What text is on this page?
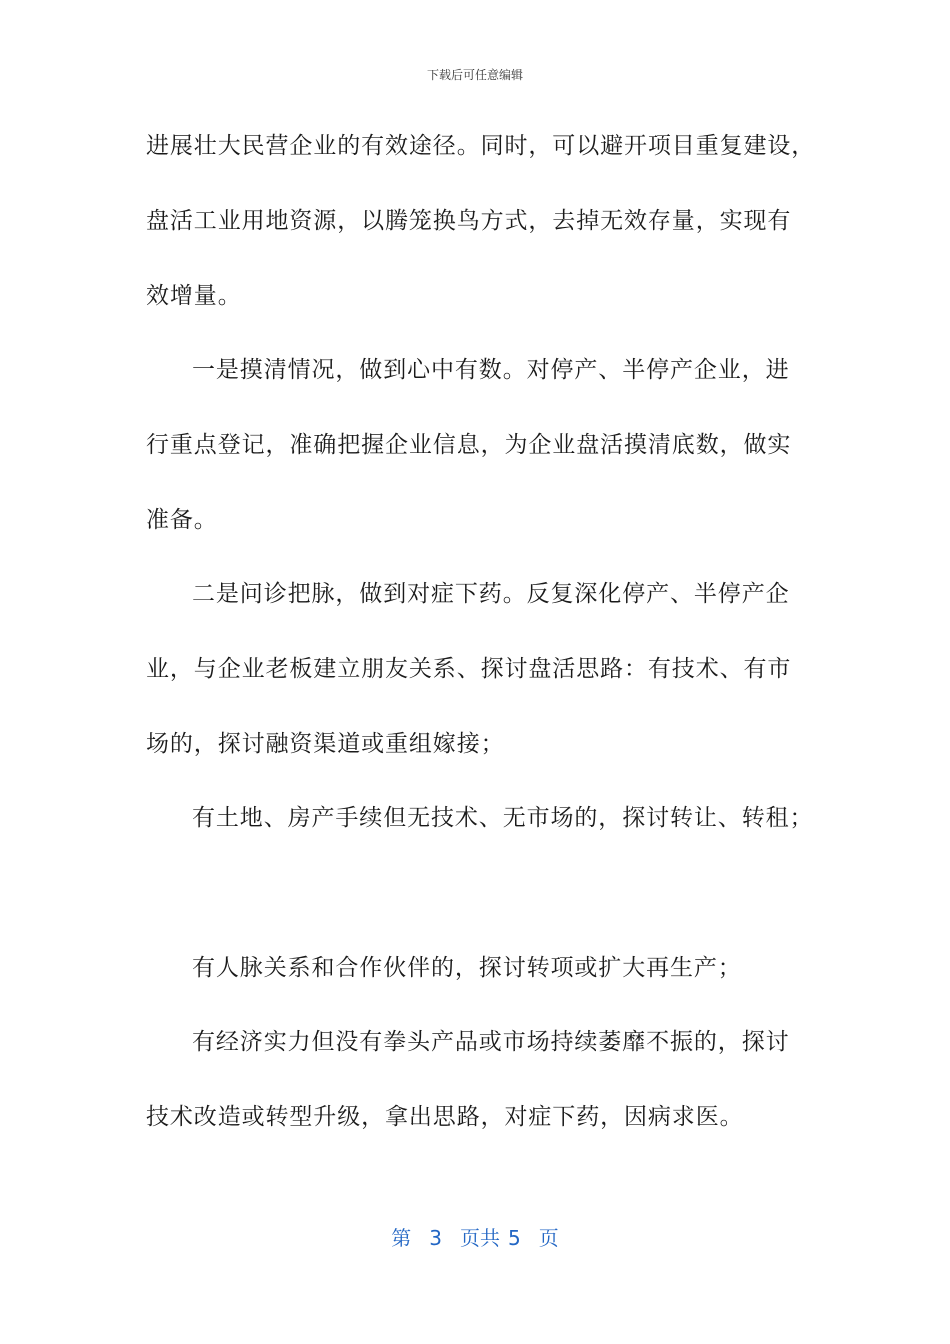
下载后可任意编辑
进展壮大民营企业的有效途径。同时，可以避开项目重复建设，
盘活工业用地资源，以腾笼换鸟方式，去掉无效存量，实现有
效增量。
一是摸清情况，做到心中有数。对停产、半停产企业，进
行重点登记，准确把握企业信息，为企业盘活摸清底数，做实
准备。
二是问诊把脉，做到对症下药。反复深化停产、半停产企
业，与企业老板建立朋友关系、探讨盘活思路：有技术、有市
场的，探讨融资渠道或重组嫁接；
有土地、房产手续但无技术、无市场的，探讨转让、转租；
有人脉关系和合作伙伴的，探讨转项或扩大再生产；
有经济实力但没有拳头产品或市场持续萎靡不振的，探讨
技术改造或转型升级，拿出思路，对症下药，因病求医。
第 3 页共 5 页
